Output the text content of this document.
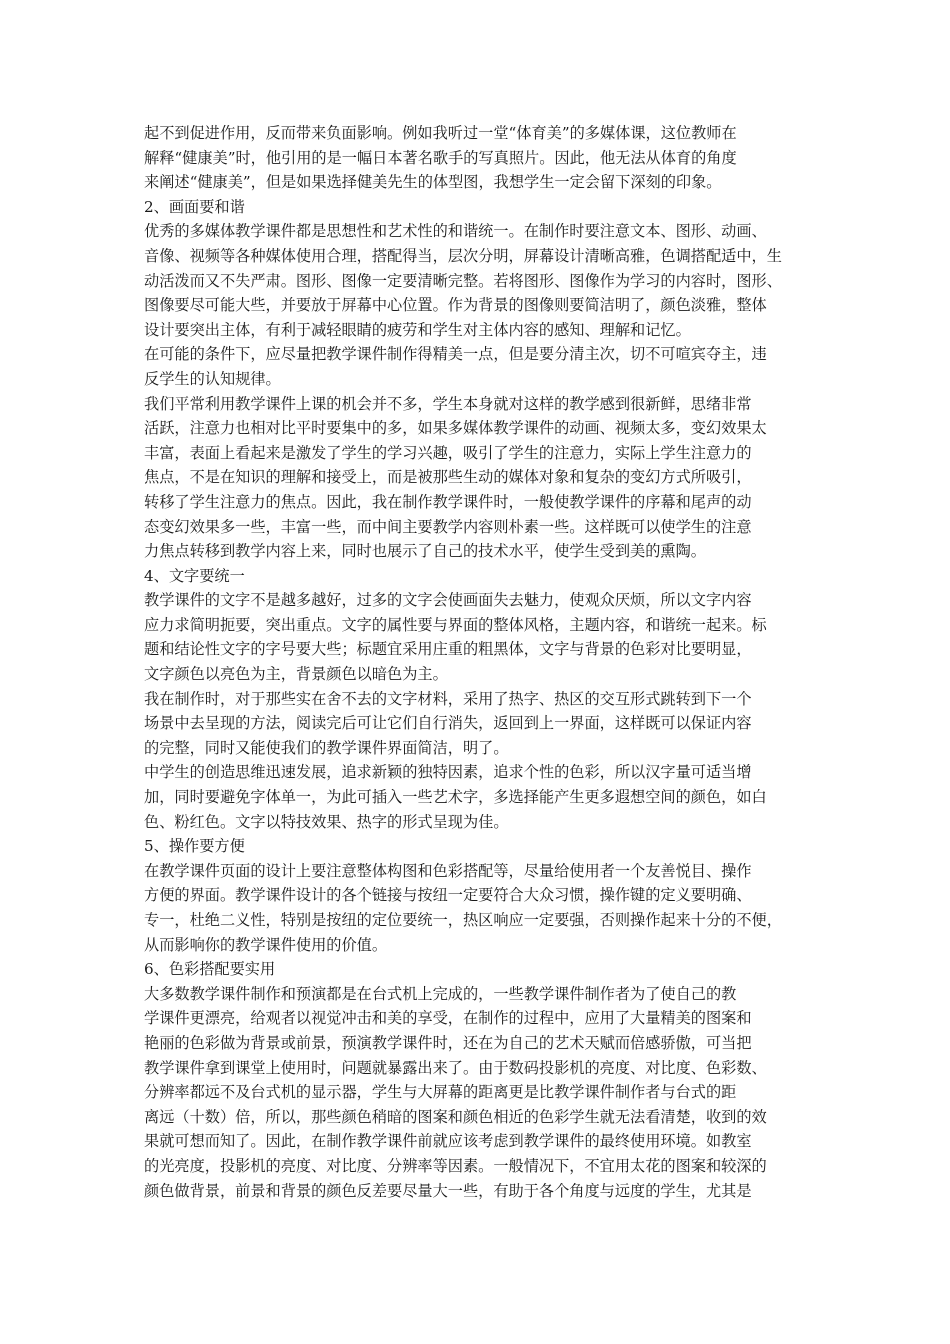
起不到促进作用，反而带来负面影响。例如我听过一堂“体育美”的多媒体课，这位教师在
解释“健康美”时，他引用的是一幅日本著名歌手的写真照片。因此，他无法从体育的角度
来阐述“健康美”，但是如果选择健美先生的体型图，我想学生一定会留下深刻的印象。
2、画面要和谐
优秀的多媒体教学课件都是思想性和艺术性的和谐统一。在制作时要注意文本、图形、动画、
音像、视频等各种媒体使用合理，搭配得当，层次分明，屏幕设计清晰高雅，色调搭配适中，生
动活泼而又不失严肃。图形、图像一定要清晰完整。若将图形、图像作为学习的内容时，图形、
图像要尽可能大些，并要放于屏幕中心位置。作为背景的图像则要简洁明了，颜色淡雅，整体
设计要突出主体，有利于减轻眼睛的疲劳和学生对主体内容的感知、理解和记忆。
在可能的条件下，应尽量把教学课件制作得精美一点，但是要分清主次，切不可喧宾夺主，违
反学生的认知规律。
我们平常利用教学课件上课的机会并不多，学生本身就对这样的教学感到很新鲜，思绪非常
活跃，注意力也相对比平时要集中的多，如果多媒体教学课件的动画、视频太多，变幻效果太
丰富，表面上看起来是激发了学生的学习兴趣，吸引了学生的注意力，实际上学生注意力的
焦点，不是在知识的理解和接受上，而是被那些生动的媒体对象和复杂的变幻方式所吸引，
转移了学生注意力的焦点。因此，我在制作教学课件时，一般使教学课件的序幕和尾声的动
态变幻效果多一些，丰富一些，而中间主要教学内容则朴素一些。这样既可以使学生的注意
力焦点转移到教学内容上来，同时也展示了自己的技术水平，使学生受到美的熏陶。
4、文字要统一
教学课件的文字不是越多越好，过多的文字会使画面失去魅力，使观众厌烦，所以文字内容
应力求简明扼要，突出重点。文字的属性要与界面的整体风格，主题内容，和谐统一起来。标
题和结论性文字的字号要大些；标题宜采用庄重的粗黑体，文字与背景的色彩对比要明显，
文字颜色以亮色为主，背景颜色以暗色为主。
我在制作时，对于那些实在舍不去的文字材料，采用了热字、热区的交互形式跳转到下一个
场景中去呈现的方法，阅读完后可让它们自行消失，返回到上一界面，这样既可以保证内容
的完整，同时又能使我们的教学课件界面简洁，明了。
中学生的创造思维迅速发展，追求新颖的独特因素，追求个性的色彩，所以汉字量可适当增
加，同时要避免字体单一，为此可插入一些艺术字，多选择能产生更多遐想空间的颜色，如白
色、粉红色。文字以特技效果、热字的形式呈现为佳。
5、操作要方便
在教学课件页面的设计上要注意整体构图和色彩搭配等，尽量给使用者一个友善悦目、操作
方便的界面。教学课件设计的各个链接与按纽一定要符合大众习惯，操作键的定义要明确、
专一，杜绝二义性，特别是按纽的定位要统一，热区响应一定要强，否则操作起来十分的不便，
从而影响你的教学课件使用的价值。
6、色彩搭配要实用
大多数教学课件制作和预演都是在台式机上完成的，一些教学课件制作者为了使自己的教
学课件更漂亮，给观者以视觉冲击和美的享受，在制作的过程中，应用了大量精美的图案和
艳丽的色彩做为背景或前景，预演教学课件时，还在为自己的艺术天赋而倍感骄傲，可当把
教学课件拿到课堂上使用时，问题就暴露出来了。由于数码投影机的亮度、对比度、色彩数、
分辨率都远不及台式机的显示器，学生与大屏幕的距离更是比教学课件制作者与台式的距
离远（十数）倍，所以，那些颜色稍暗的图案和颜色相近的色彩学生就无法看清楚，收到的效
果就可想而知了。因此，在制作教学课件前就应该考虑到教学课件的最终使用环境。如教室
的光亮度，投影机的亮度、对比度、分辨率等因素。一般情况下，不宜用太花的图案和较深的
颜色做背景，前景和背景的颜色反差要尽量大一些，有助于各个角度与远度的学生，尤其是
